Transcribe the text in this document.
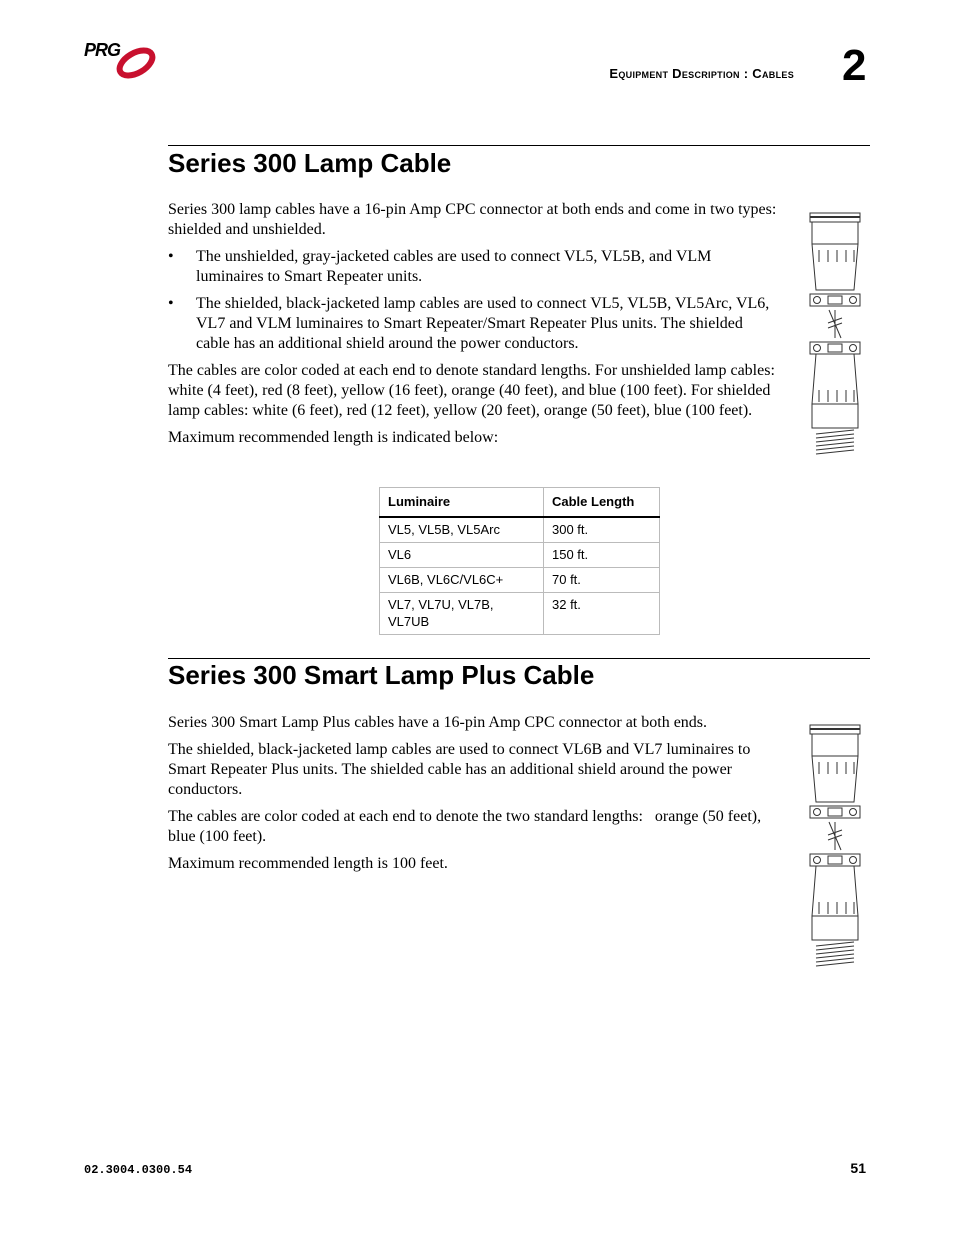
PRG
Equipment Description : Cables 2
Series 300 Lamp Cable

Series 300 lamp cables have a 16-pin Amp CPC connector at both ends and come in two types: shielded and unshielded.

• The unshielded, gray-jacketed cables are used to connect VL5, VL5B, and VLM luminaires to Smart Repeater units.
• The shielded, black-jacketed lamp cables are used to connect VL5, VL5B, VL5Arc, VL6, VL7 and VLM luminaires to Smart Repeater/Smart Repeater Plus units. The shielded cable has an additional shield around the power conductors.

The cables are color coded at each end to denote standard lengths. For unshielded lamp cables: white (4 feet), red (8 feet), yellow (16 feet), orange (40 feet), and blue (100 feet). For shielded lamp cables: white (6 feet), red (12 feet), yellow (20 feet), orange (50 feet), blue (100 feet).

Maximum recommended length is indicated below:

Luminaire	Cable Length
VL5, VL5B, VL5Arc	300 ft.
VL6	150 ft.
VL6B, VL6C/VL6C+	70 ft.
VL7, VL7U, VL7B, VL7UB	32 ft.
Series 300 Smart Lamp Plus Cable

Series 300 Smart Lamp Plus cables have a 16-pin Amp CPC connector at both ends.

The shielded, black-jacketed lamp cables are used to connect VL6B and VL7 luminaires to Smart Repeater Plus units. The shielded cable has an additional shield around the power conductors.

The cables are color coded at each end to denote the two standard lengths:   orange (50 feet), blue (100 feet).

Maximum recommended length is 100 feet.

02.3004.0300.54	51
